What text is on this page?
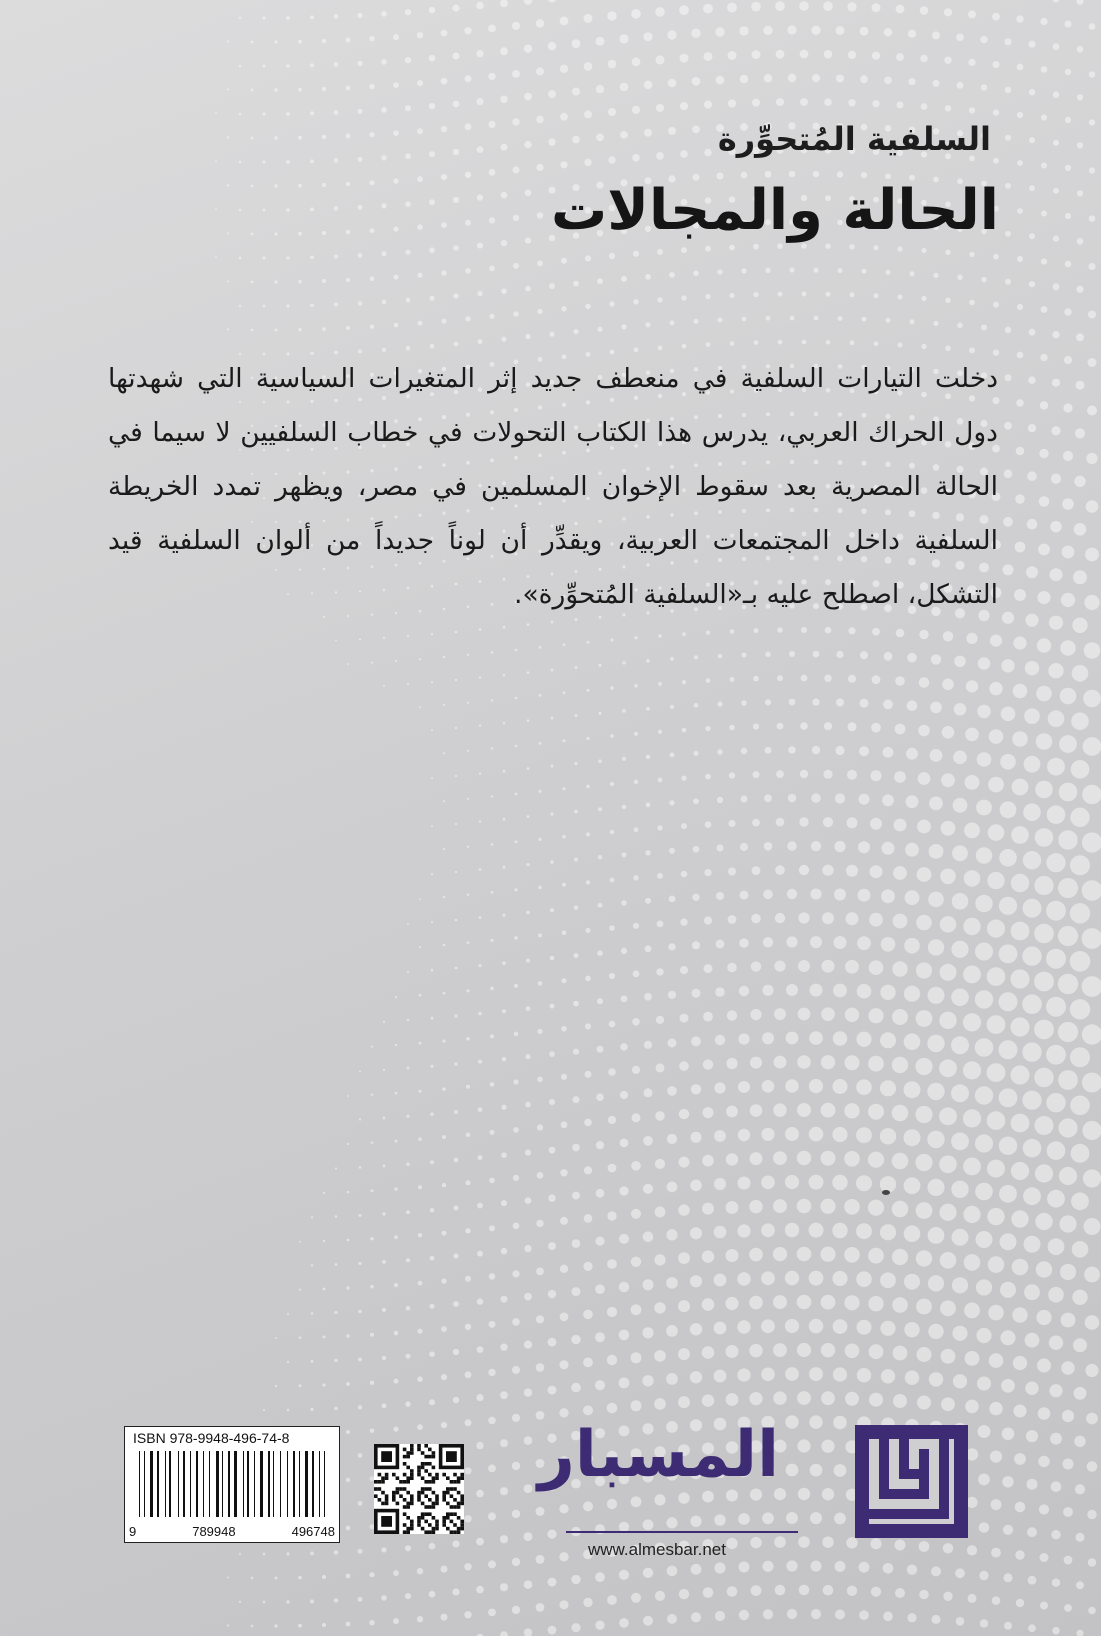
السلفية المُتحوِّرة
الحالة والمجالات

دخلت التيارات السلفية في منعطف جديد إثر المتغيرات السياسية التي شهدتها دول الحراك العربي، يدرس هذا الكتاب التحولات في خطاب السلفيين لا سيما في الحالة المصرية بعد سقوط الإخوان المسلمين في مصر، ويظهر تمدد الخريطة السلفية داخل المجتمعات العربية، ويقدِّر أن لوناً جديداً من ألوان السلفية قيد التشكل، اصطلح عليه بـ«السلفية المُتحوِّرة».

ISBN 978-9948-496-74-8
9	789948	496748
المسبار
www.almesbar.net
